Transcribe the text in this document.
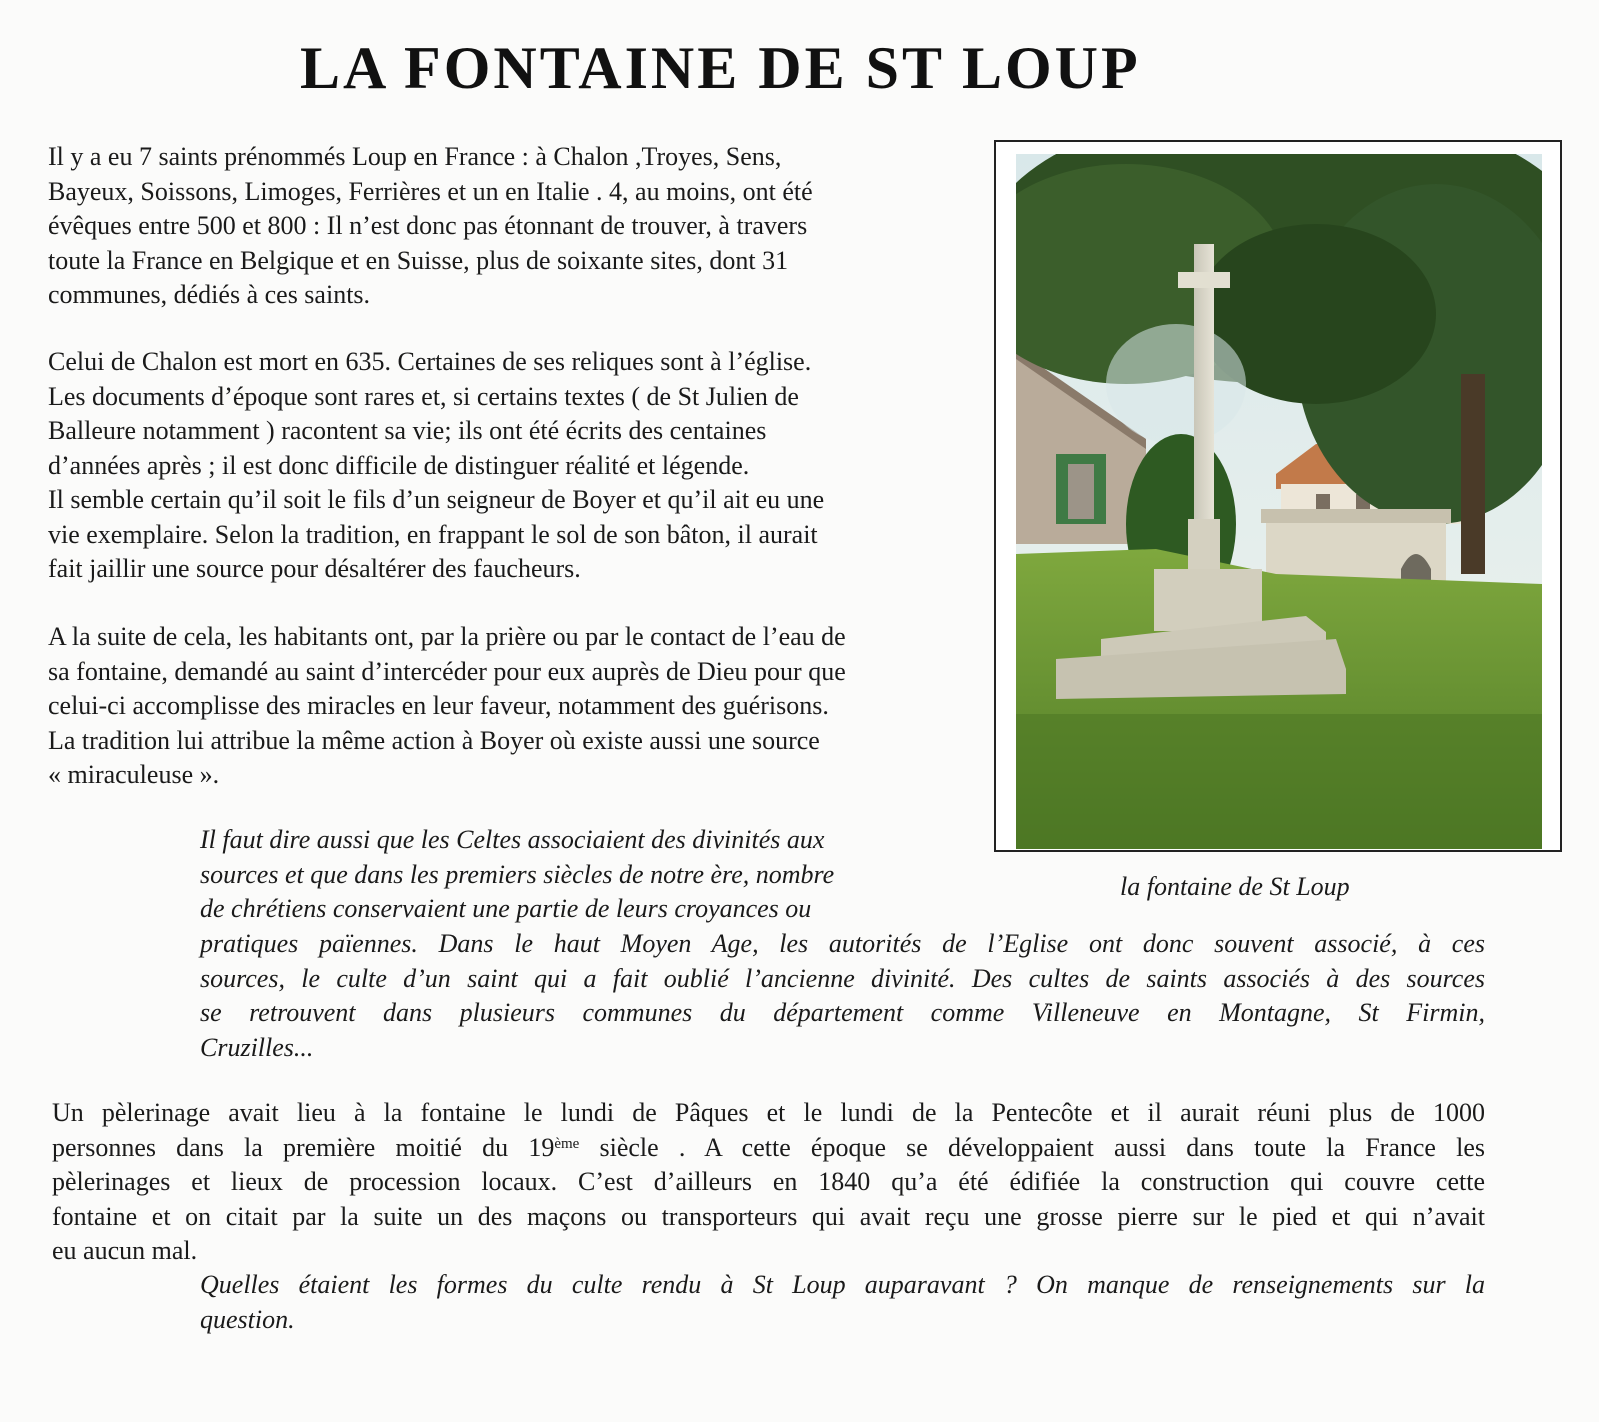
LA FONTAINE DE ST LOUP

Il y a eu 7 saints prénommés Loup en France : à Chalon ,Troyes, Sens,
Bayeux, Soissons, Limoges, Ferrières et un en Italie . 4, au moins, ont été
évêques entre 500 et 800 : Il n’est donc pas étonnant de trouver, à travers
toute la France en Belgique et en Suisse, plus de soixante sites, dont 31
communes, dédiés à ces saints.

Celui de Chalon est mort en 635. Certaines de ses reliques sont à l’église.
Les documents d’époque sont rares et, si certains textes ( de St Julien de
Balleure notamment ) racontent sa vie; ils ont été écrits des centaines
d’années après ; il est donc difficile de distinguer réalité et légende.
Il semble certain qu’il soit le fils d’un seigneur de Boyer et qu’il ait eu une
vie exemplaire. Selon la tradition, en frappant le sol de son bâton, il aurait
fait jaillir une source pour désaltérer des faucheurs.

A la suite de cela, les habitants ont, par la prière ou par le contact de l’eau de
sa fontaine, demandé au saint d’intercéder pour eux auprès de Dieu pour que
celui-ci accomplisse des miracles en leur faveur, notamment des guérisons.
La tradition lui attribue la même action à Boyer où existe aussi une source
« miraculeuse ».

la fontaine de St Loup
Il faut dire aussi que les Celtes associaient des divinités aux
sources et que dans les premiers siècles de notre ère, nombre
de chrétiens conservaient une partie de leurs croyances ou
pratiques païennes. Dans le haut Moyen Age, les autorités de l’Eglise ont donc souvent associé, à ces
sources, le culte d’un saint qui a fait oublié l’ancienne divinité. Des cultes de saints associés à des sources
se retrouvent dans plusieurs communes du département comme Villeneuve en Montagne, St Firmin,
Cruzilles...
Un pèlerinage avait lieu à la fontaine le lundi de Pâques et le lundi de la Pentecôte et il aurait réuni plus de 1000
personnes dans la première moitié du 19ème siècle . A cette époque se développaient aussi dans toute la France les
pèlerinages et lieux de procession locaux. C’est d’ailleurs en 1840 qu’a été édifiée la construction qui couvre cette
fontaine et on citait par la suite un des maçons ou transporteurs qui avait reçu une grosse pierre sur le pied et qui n’avait
eu aucun mal.
Quelles étaient les formes du culte rendu à St Loup auparavant ? On manque de renseignements sur la
question.
